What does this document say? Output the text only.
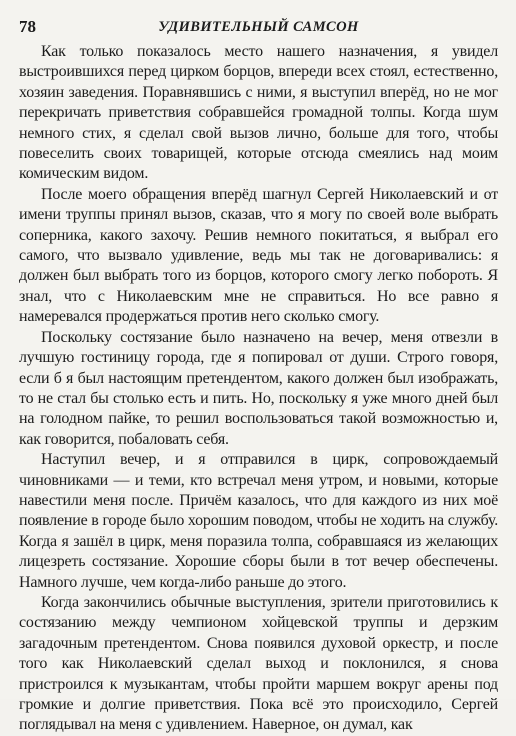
78	УДИВИТЕЛЬНЫЙ САМСОН

Как только показалось место нашего назначения, я увидел выстроившихся перед цирком борцов, впереди всех стоял, естественно, хозяин заведения. Поравнявшись с ними, я выступил вперёд, но не мог перекричать приветствия собравшейся громадной толпы. Когда шум немного стих, я сделал свой вызов лично, больше для того, чтобы повеселить своих товарищей, которые отсюда смеялись над моим комическим видом.

После моего обращения вперёд шагнул Сергей Николаевский и от имени труппы принял вызов, сказав, что я могу по своей воле выбрать соперника, какого захочу. Решив немного покитаться, я выбрал его самого, что вызвало удивление, ведь мы так не договаривались: я должен был выбрать того из борцов, которого смогу легко побороть. Я знал, что с Николаевским мне не справиться. Но все равно я намеревался продержаться против него сколько смогу.

Поскольку состязание было назначено на вечер, меня отвезли в лучшую гостиницу города, где я попировал от души. Строго говоря, если б я был настоящим претендентом, какого должен был изображать, то не стал бы столько есть и пить. Но, поскольку я уже много дней был на голодном пайке, то решил воспользоваться такой возможностью и, как говорится, побаловать себя.

Наступил вечер, и я отправился в цирк, сопровождаемый чиновниками — и теми, кто встречал меня утром, и новыми, которые навестили меня после. Причём казалось, что для каждого из них моё появление в городе было хорошим поводом, чтобы не ходить на службу. Когда я зашёл в цирк, меня поразила толпа, собравшаяся из желающих лицезреть состязание. Хорошие сборы были в тот вечер обеспечены. Намного лучше, чем когда-либо раньше до этого.

Когда закончились обычные выступления, зрители приготовились к состязанию между чемпионом хойцевской труппы и дерзким загадочным претендентом. Снова появился духовой оркестр, и после того как Николаевский сделал выход и поклонился, я снова пристроился к музыкантам, чтобы пройти маршем вокруг арены под громкие и долгие приветствия. Пока всё это происходило, Сергей поглядывал на меня с удивлением. Наверное, он думал, как
